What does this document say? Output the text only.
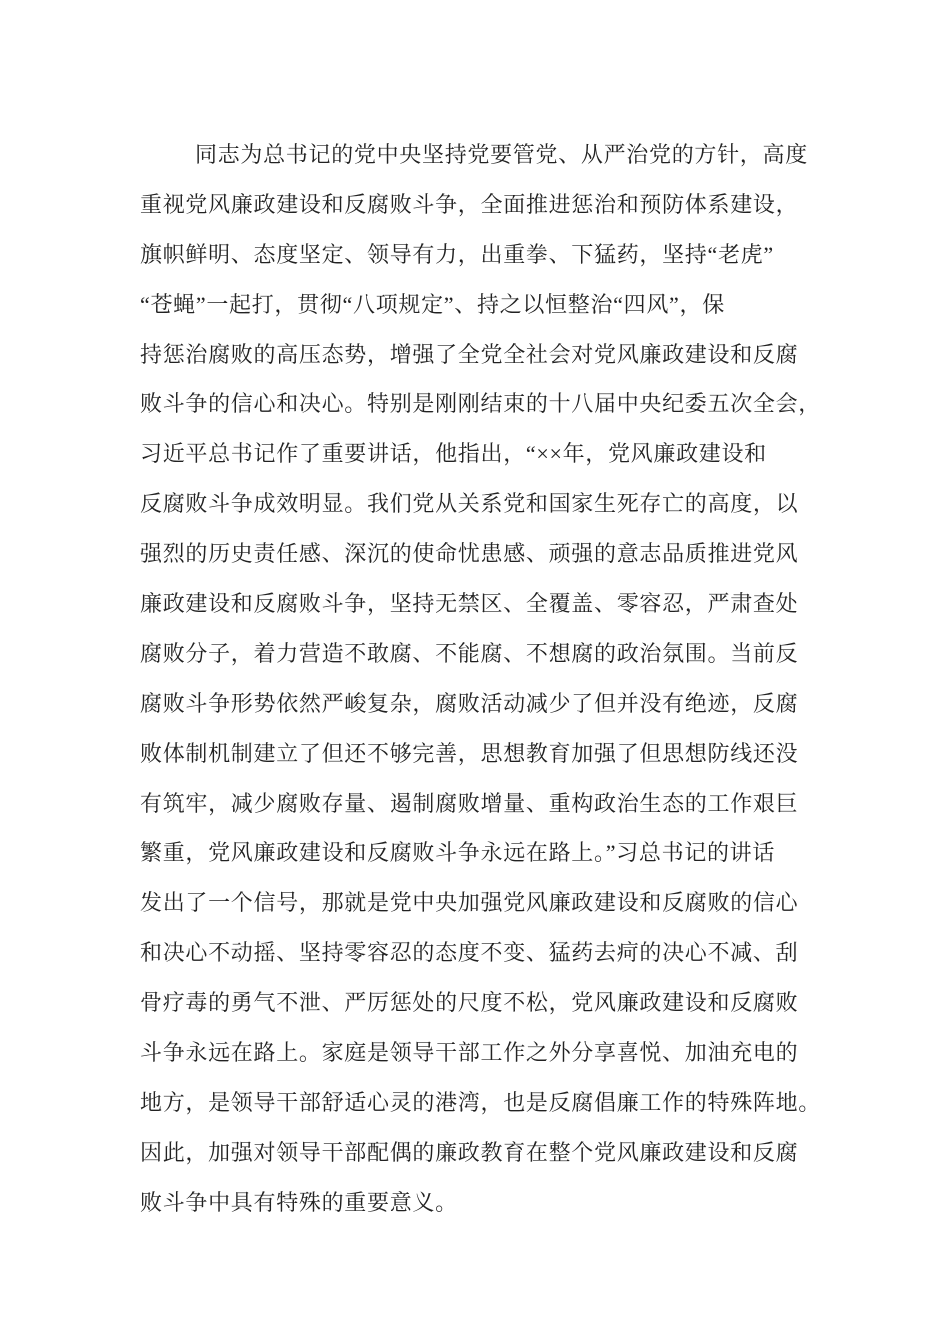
同志为总书记的党中央坚持党要管党、从严治党的方针，高度
重视党风廉政建设和反腐败斗争，全面推进惩治和预防体系建设，
旗帜鲜明、态度坚定、领导有力，出重拳、下猛药，坚持“老虎”
“苍蝇”一起打，贯彻“八项规定”、持之以恒整治“四风”，保
持惩治腐败的高压态势，增强了全党全社会对党风廉政建设和反腐
败斗争的信心和决心。特别是刚刚结束的十八届中央纪委五次全会，
习近平总书记作了重要讲话，他指出，“××年，党风廉政建设和
反腐败斗争成效明显。我们党从关系党和国家生死存亡的高度，以
强烈的历史责任感、深沉的使命忧患感、顽强的意志品质推进党风
廉政建设和反腐败斗争，坚持无禁区、全覆盖、零容忍，严肃查处
腐败分子，着力营造不敢腐、不能腐、不想腐的政治氛围。当前反
腐败斗争形势依然严峻复杂，腐败活动减少了但并没有绝迹，反腐
败体制机制建立了但还不够完善，思想教育加强了但思想防线还没
有筑牢，减少腐败存量、遏制腐败增量、重构政治生态的工作艰巨
繁重，党风廉政建设和反腐败斗争永远在路上。”习总书记的讲话
发出了一个信号，那就是党中央加强党风廉政建设和反腐败的信心
和决心不动摇、坚持零容忍的态度不变、猛药去疴的决心不减、刮
骨疗毒的勇气不泄、严厉惩处的尺度不松，党风廉政建设和反腐败
斗争永远在路上。家庭是领导干部工作之外分享喜悦、加油充电的
地方，是领导干部舒适心灵的港湾，也是反腐倡廉工作的特殊阵地。
因此，加强对领导干部配偶的廉政教育在整个党风廉政建设和反腐
败斗争中具有特殊的重要意义。
